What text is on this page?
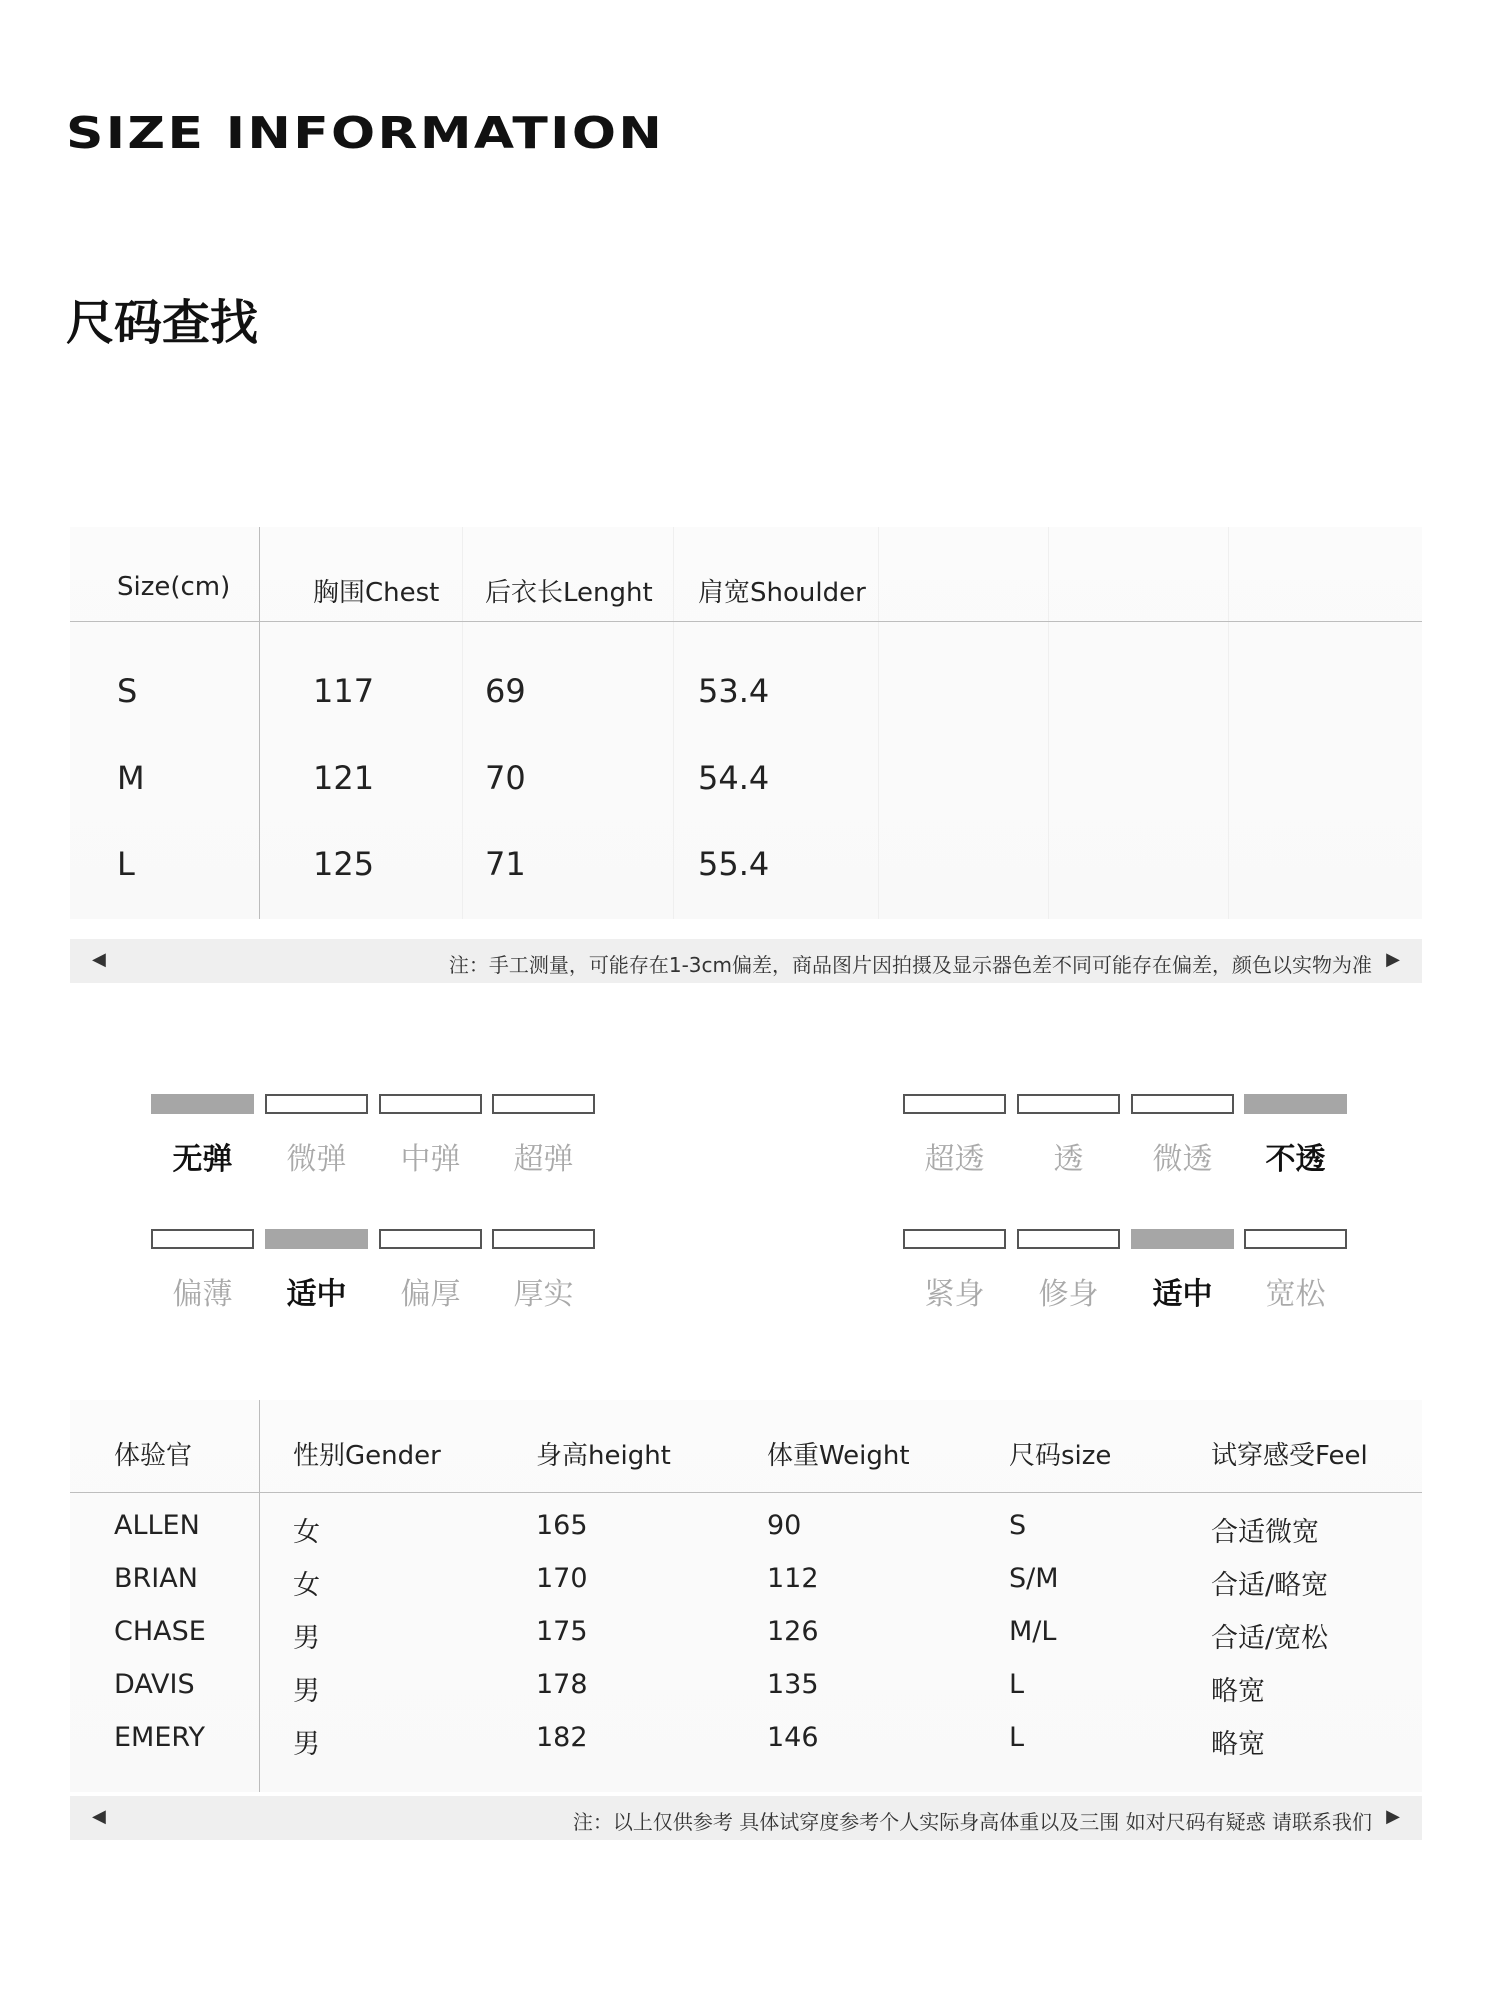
SIZE INFORMATION
尺码查找
Size(cm)	胸围Chest 后衣长Lenght 肩宽Shoulder
S	117	69	53.4
M	121	70	54.4
L	125	71	55.4
◀	注：手工测量，可能存在1-3cm偏差，商品图片因拍摄及显示器色差不同可能存在偏差，颜色以实物为准 ▶
无弹	微弹	中弹	超弹	超透	透	微透	不透
偏薄	适中	偏厚	厚实	紧身	修身	适中	宽松
体验官	性别Gender	身高height	体重Weight	尺码size	试穿感受Feel
ALLEN	女	165	90	S	合适微宽
BRIAN	女	170	112	S/M	合适/略宽
CHASE	男	175	126	M/L	合适/宽松
DAVIS	男	178	135	L	略宽
EMERY	男	182	146	L	略宽
◀	注：以上仅供参考 具体试穿度参考个人实际身高体重以及三围 如对尺码有疑惑 请联系我们 ▶
